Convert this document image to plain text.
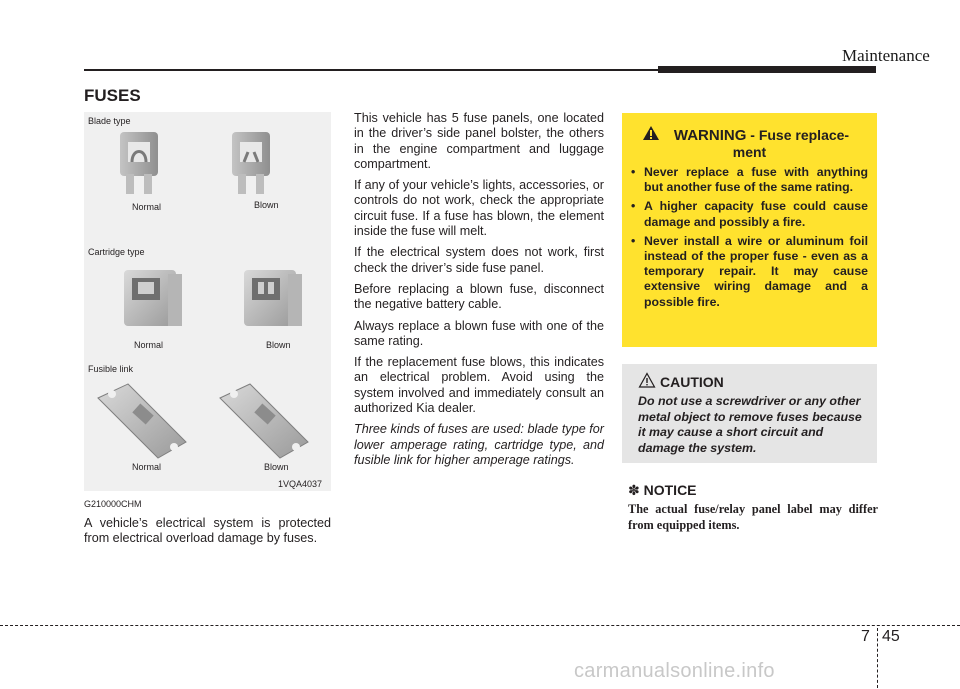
Maintenance
FUSES
Blade type
Normal	Blown
Cartridge type
Normal	Blown
Fusible link
Normal	Blown
1VQA4037
G210000CHM
A vehicle’s electrical system is protected from electrical overload damage by fuses.

This vehicle has 5 fuse panels, one located in the driver’s side panel bolster, the others in the engine compartment and luggage compartment.

If any of your vehicle’s lights, accessories, or controls do not work, check the appropriate circuit fuse. If a fuse has blown, the element inside the fuse will melt.

If the electrical system does not work, first check the driver’s side fuse panel.

Before replacing a blown fuse, disconnect the negative battery cable.

Always replace a blown fuse with one of the same rating.

If the replacement fuse blows, this indicates an electrical problem. Avoid using the system involved and immediately consult an authorized Kia dealer.

Three kinds of fuses are used: blade type for lower amperage rating, cartridge type, and fusible link for higher amperage ratings.

WARNING - Fuse replace-
ment
• Never replace a fuse with anything but another fuse of the same rating.
• A higher capacity fuse could cause damage and possibly a fire.
• Never install a wire or aluminum foil instead of the proper fuse - even as a temporary repair. It may cause extensive wiring damage and a possible fire.
CAUTION
Do not use a screwdriver or any other metal object to remove fuses because it may cause a short circuit and damage the system.
✽ NOTICE
The actual fuse/relay panel label may differ from equipped items.
7 45
carmanualsonline.info
